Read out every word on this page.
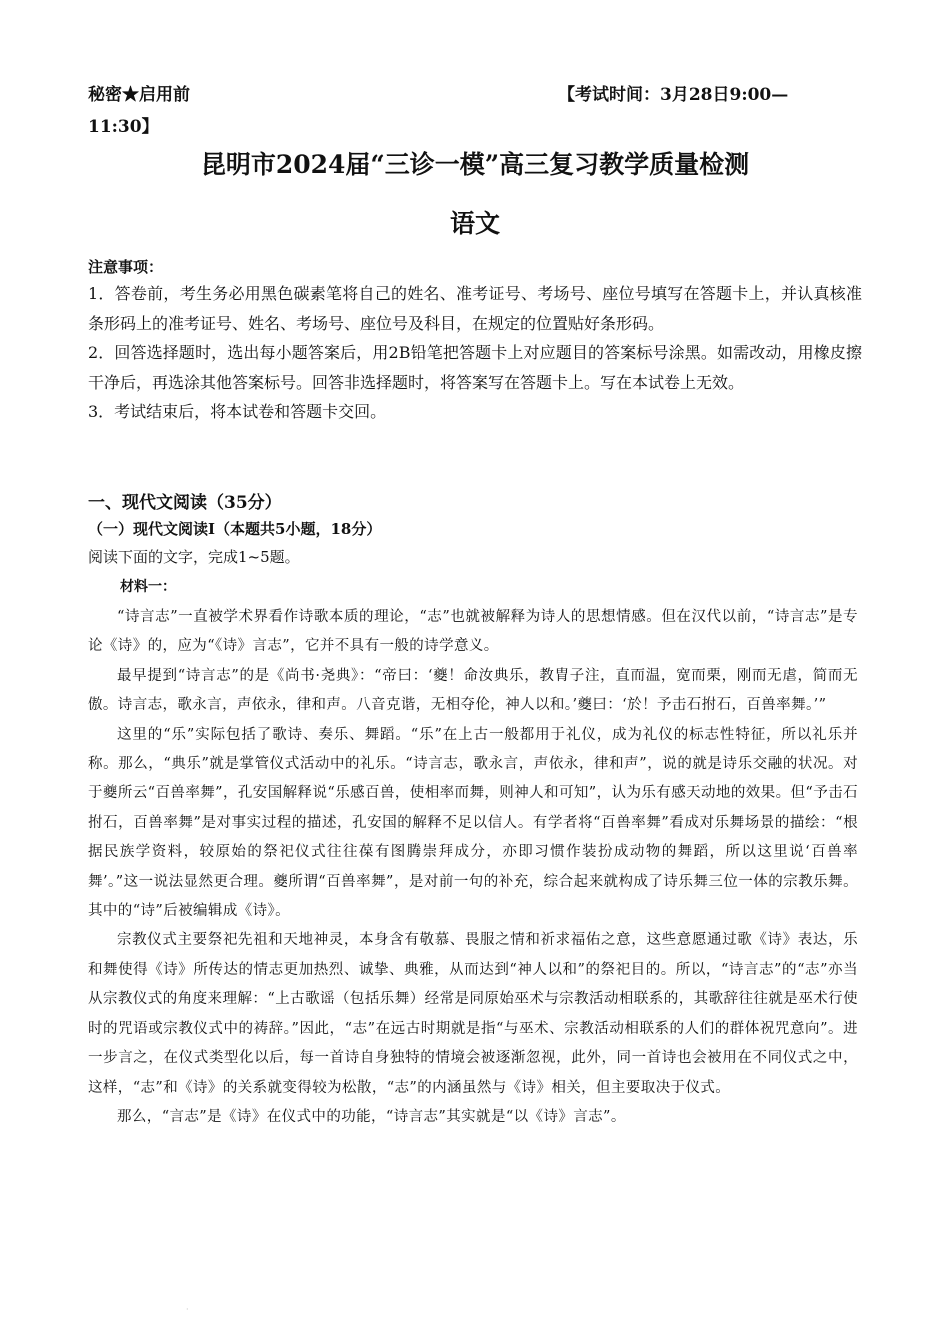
秘密★启用前	【考试时间：3月28日9:00—
11:30】
昆明市2024届“三诊一模”高三复习教学质量检测
语文
注意事项：

1．答卷前，考生务必用黑色碳素笔将自己的姓名、准考证号、考场号、座位号填写在答题卡上，并认真核准条形码上的准考证号、姓名、考场号、座位号及科目，在规定的位置贴好条形码。

2．回答选择题时，选出每小题答案后，用2B铅笔把答题卡上对应题目的答案标号涂黑。如需改动，用橡皮擦干净后，再选涂其他答案标号。回答非选择题时，将答案写在答题卡上。写在本试卷上无效。

3．考试结束后，将本试卷和答题卡交回。

一、现代文阅读（35分）
（一）现代文阅读Ⅰ（本题共5小题，18分）
阅读下面的文字，完成1~5题。
材料一：

“诗言志”一直被学术界看作诗歌本质的理论，“志”也就被解释为诗人的思想情感。但在汉代以前，“诗言志”是专论《诗》的，应为“《诗》言志”，它并不具有一般的诗学意义。

最早提到“诗言志”的是《尚书·尧典》：“帝曰：‘夔！命汝典乐，教胄子注，直而温，宽而栗，刚而无虐，简而无傲。诗言志，歌永言，声依永，律和声。八音克谐，无相夺伦，神人以和。’夔曰：‘於！予击石拊石，百兽率舞。’”

这里的“乐”实际包括了歌诗、奏乐、舞蹈。“乐”在上古一般都用于礼仪，成为礼仪的标志性特征，所以礼乐并称。那么，“典乐”就是掌管仪式活动中的礼乐。“诗言志，歌永言，声依永，律和声”，说的就是诗乐交融的状况。对于夔所云“百兽率舞”，孔安国解释说“乐感百兽，使相率而舞，则神人和可知”，认为乐有感天动地的效果。但“予击石拊石，百兽率舞”是对事实过程的描述，孔安国的解释不足以信人。有学者将“百兽率舞”看成对乐舞场景的描绘：“根据民族学资料，较原始的祭祀仪式往往葆有图腾崇拜成分，亦即习惯作装扮成动物的舞蹈，所以这里说‘百兽率舞’。”这一说法显然更合理。夔所谓“百兽率舞”，是对前一句的补充，综合起来就构成了诗乐舞三位一体的宗教乐舞。其中的“诗”后被编辑成《诗》。

宗教仪式主要祭祀先祖和天地神灵，本身含有敬慕、畏服之情和祈求福佑之意，这些意愿通过歌《诗》表达，乐和舞使得《诗》所传达的情志更加热烈、诚挚、典雅，从而达到“神人以和”的祭祀目的。所以，“诗言志”的“志”亦当从宗教仪式的角度来理解：“上古歌谣（包括乐舞）经常是同原始巫术与宗教活动相联系的，其歌辞往往就是巫术行使时的咒语或宗教仪式中的祷辞。”因此，“志”在远古时期就是指“与巫术、宗教活动相联系的人们的群体祝咒意向”。进一步言之，在仪式类型化以后，每一首诗自身独特的情境会被逐渐忽视，此外，同一首诗也会被用在不同仪式之中，这样，“志”和《诗》的关系就变得较为松散，“志”的内涵虽然与《诗》相关，但主要取决于仪式。

那么，“言志”是《诗》在仪式中的功能，“诗言志”其实就是“以《诗》言志”。

·
